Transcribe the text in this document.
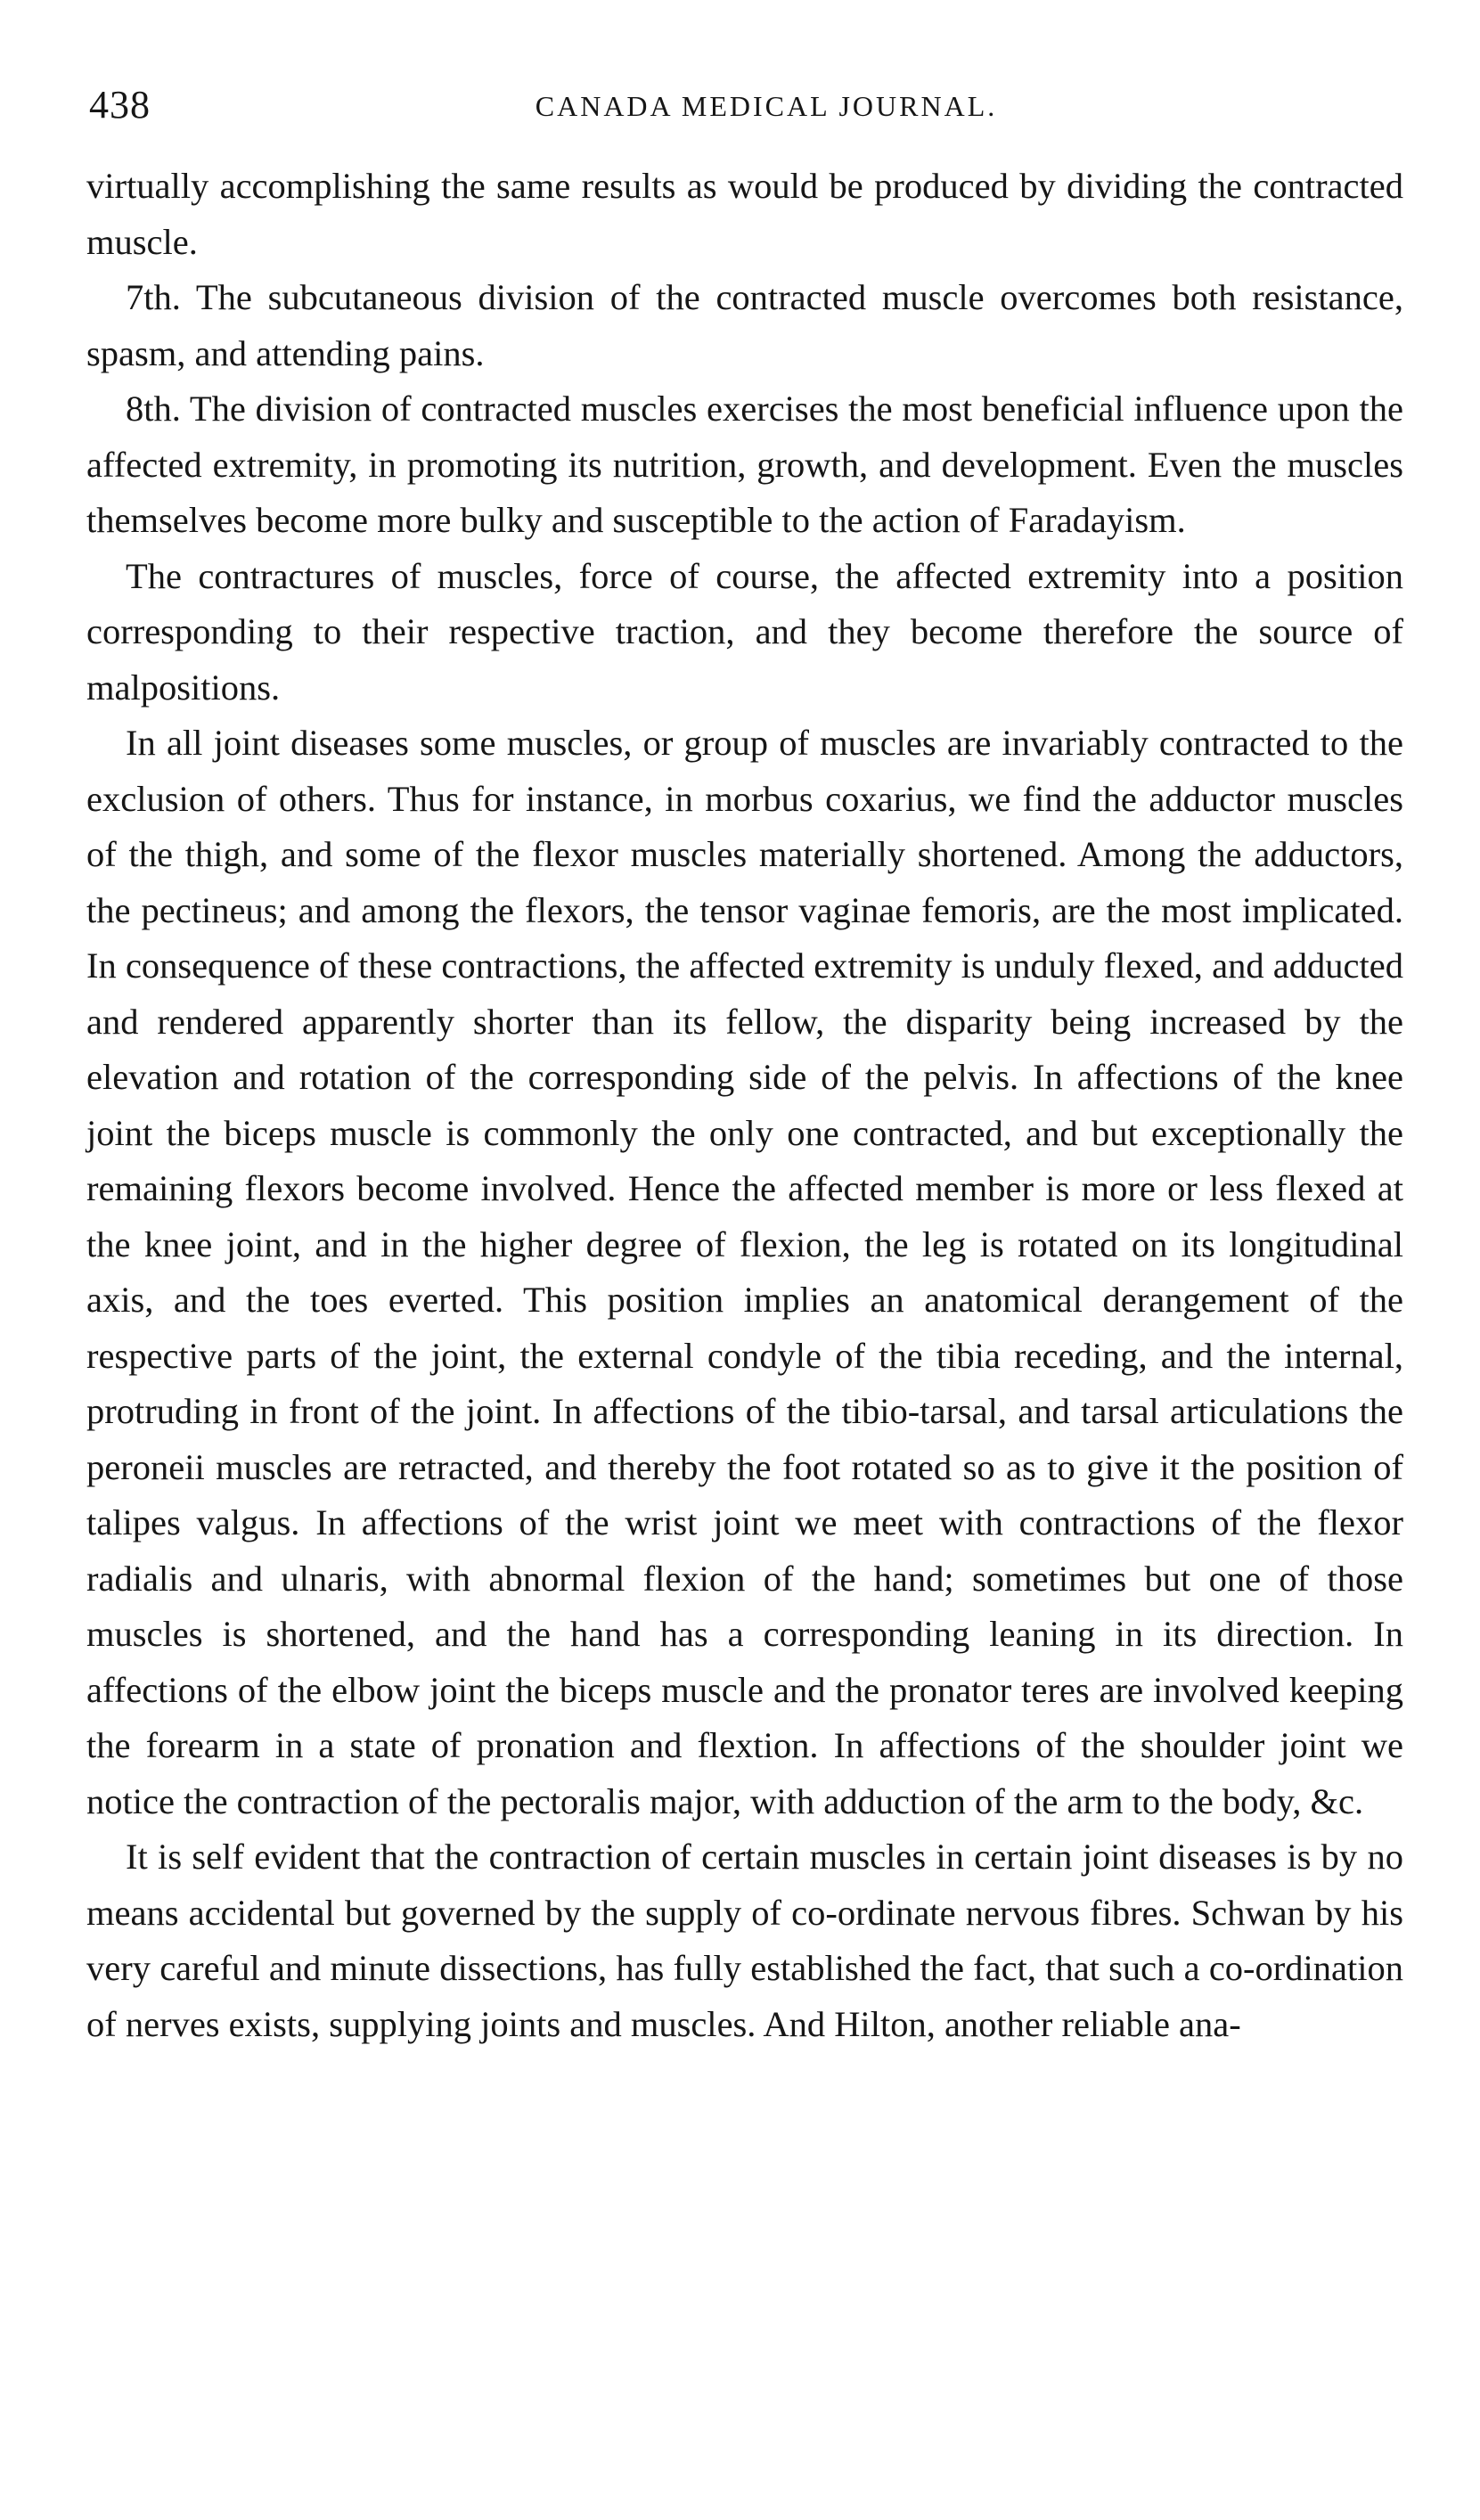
438	CANADA MEDICAL JOURNAL.

virtually accomplishing the same results as would be produced by dividing the contracted muscle.

7th. The subcutaneous division of the contracted muscle overcomes both resistance, spasm, and attending pains.

8th. The division of contracted muscles exercises the most beneficial influence upon the affected extremity, in promoting its nutrition, growth, and development. Even the muscles themselves become more bulky and susceptible to the action of Faradayism.

The contractures of muscles, force of course, the affected extremity into a position corresponding to their respective traction, and they become therefore the source of malpositions.

In all joint diseases some muscles, or group of muscles are invariably contracted to the exclusion of others. Thus for instance, in morbus coxarius, we find the adductor muscles of the thigh, and some of the flexor muscles materially shortened. Among the adductors, the pectineus; and among the flexors, the tensor vaginae femoris, are the most implicated. In consequence of these contractions, the affected extremity is unduly flexed, and adducted and rendered apparently shorter than its fellow, the disparity being increased by the elevation and rotation of the corresponding side of the pelvis. In affections of the knee joint the biceps muscle is commonly the only one contracted, and but exceptionally the remaining flexors become involved. Hence the affected member is more or less flexed at the knee joint, and in the higher degree of flexion, the leg is rotated on its longitudinal axis, and the toes everted. This position implies an anatomical derangement of the respective parts of the joint, the external condyle of the tibia receding, and the internal, protruding in front of the joint. In affections of the tibio-tarsal, and tarsal articulations the peroneii muscles are retracted, and thereby the foot rotated so as to give it the position of talipes valgus. In affections of the wrist joint we meet with contractions of the flexor radialis and ulnaris, with abnormal flexion of the hand; sometimes but one of those muscles is shortened, and the hand has a corresponding leaning in its direction. In affections of the elbow joint the biceps muscle and the pronator teres are involved keeping the forearm in a state of pronation and flextion. In affections of the shoulder joint we notice the contraction of the pectoralis major, with adduction of the arm to the body, &c.

It is self evident that the contraction of certain muscles in certain joint diseases is by no means accidental but governed by the supply of co-ordinate nervous fibres. Schwan by his very careful and minute dissections, has fully established the fact, that such a co-ordination of nerves exists, supplying joints and muscles. And Hilton, another reliable ana-
